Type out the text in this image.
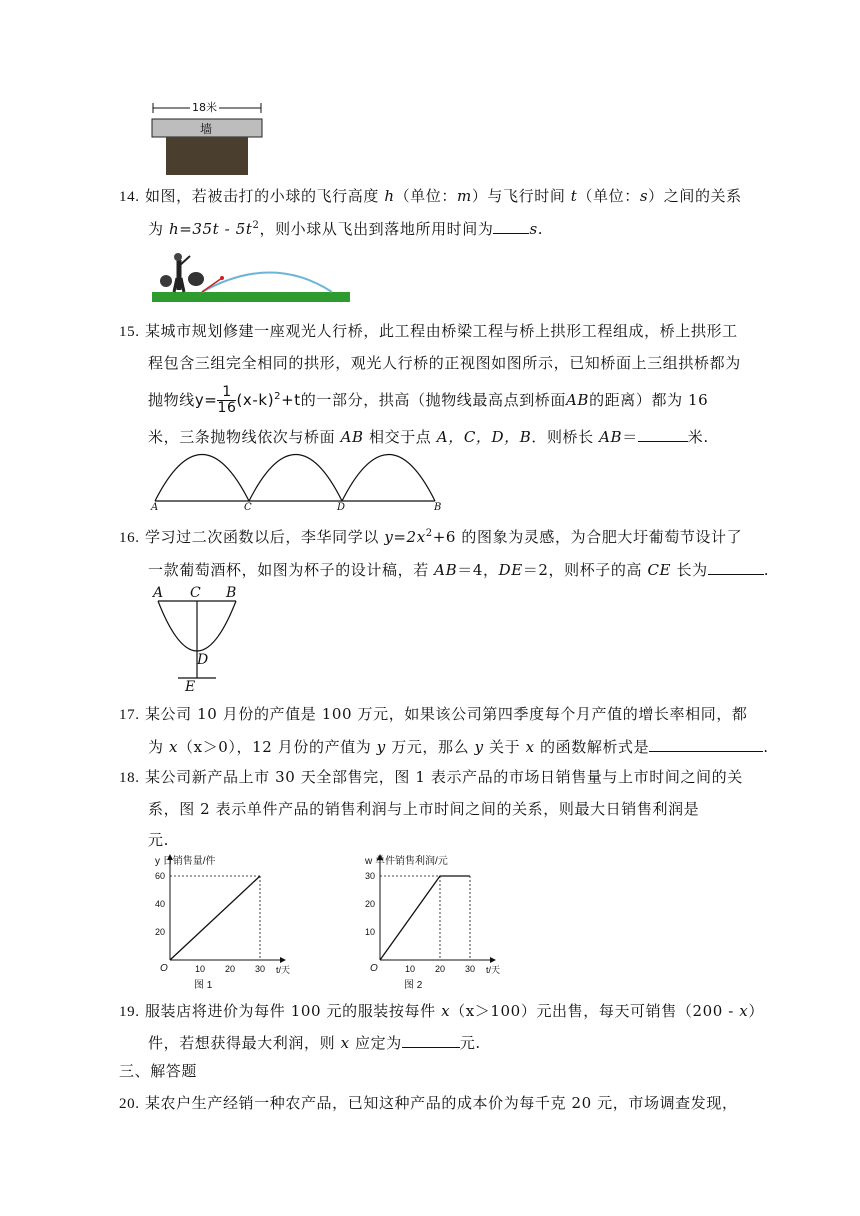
18米
墙
14. 如图，若被击打的小球的飞行高度 h（单位：m）与飞行时间 t（单位：s）之间的关系
为 $h=35t - 5t^2$，则小球从飞出到落地所用时间为 s.
15. 某城市规划修建一座观光人行桥，此工程由桥梁工程与桥上拱形工程组成，桥上拱形工
程包含三组完全相同的拱形，观光人行桥的正视图如图所示，已知桥面上三组拱桥都为
抛物线$y= \frac{1}{16} (x-k)^2+t$的一部分，拱高（抛物线最高点到桥面AB的距离）都为 16
米，三条抛物线依次与桥面 AB 相交于点 A，C，D，B．则桥长 AB＝	米.
A	C	D	B
16. 学习过二次函数以后，李华同学以 $y=2x^2+6$ 的图象为灵感，为合肥大圩葡萄节设计了
一款葡萄酒杯，如图为杯子的设计稿，若 AB＝4，DE＝2，则杯子的高 CE 长为	.
A C B
D
E
17. 某公司 10 月份的产值是 100 万元，如果该公司第四季度每个月产值的增长率相同，都
为 x（x＞0），12 月份的产值为 y 万元，那么 y 关于 x 的函数解析式是	.
18. 某公司新产品上市 30 天全部售完，图 1 表示产品的市场日销售量与上市时间之间的关
系，图 2 表示单件产品的销售利润与上市时间之间的关系，则最大日销售利润是
元.
y 日销售量/件
t/天
O	10 20 30
20
40
60
图 1
w 单件销售利润/元
t/天
O	10 20 30
10
20
30
图 2
19. 服装店将进价为每件 100 元的服装按每件 x（x＞100）元出售，每天可销售（200 - x）
件，若想获得最大利润，则 x 应定为	元.
三、解答题
20. 某农户生产经销一种农产品，已知这种产品的成本价为每千克 20 元，市场调查发现，
